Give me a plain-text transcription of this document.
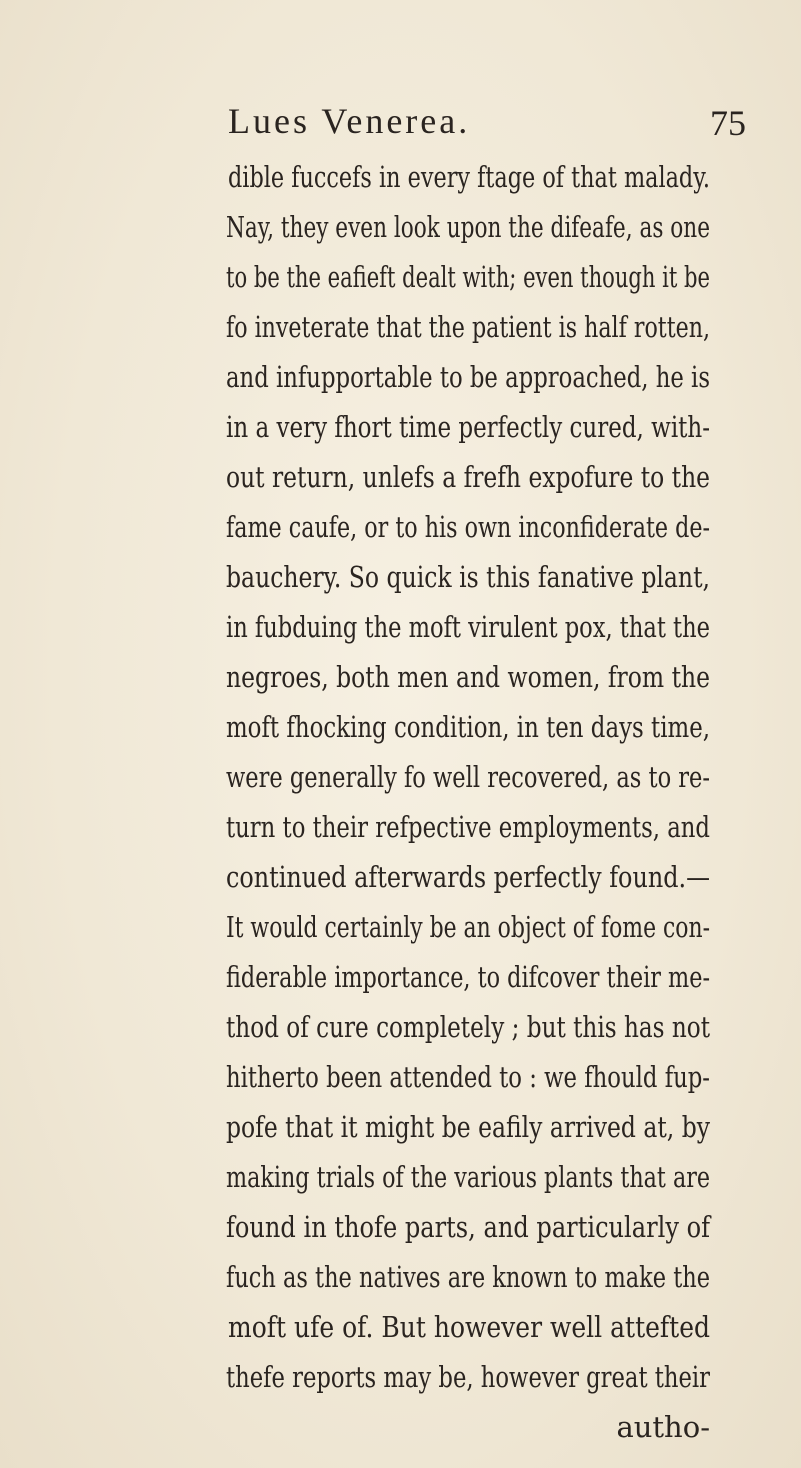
Lues Venerea.	75
dible fuccefs in every ftage of that malady.
Nay, they even look upon the difeafe, as one
to be the eafieft dealt with; even though it be
fo inveterate that the patient is half rotten,
and infupportable to be approached, he is
in a very fhort time perfectly cured, with-
out return, unlefs a frefh expofure to the
fame caufe, or to his own inconfiderate de-
bauchery. So quick is this fanative plant,
in fubduing the moft virulent pox, that the
negroes, both men and women, from the
moft fhocking condition, in ten days time,
were generally fo well recovered, as to re-
turn to their refpective employments, and
continued afterwards perfectly found.—
It would certainly be an object of fome con-
fiderable importance, to difcover their me-
thod of cure completely ; but this has not
hitherto been attended to : we fhould fup-
pofe that it might be eafily arrived at, by
making trials of the various plants that are
found in thofe parts, and particularly of
fuch as the natives are known to make the
moft ufe of. But however well attefted
thefe reports may be, however great their
autho-
